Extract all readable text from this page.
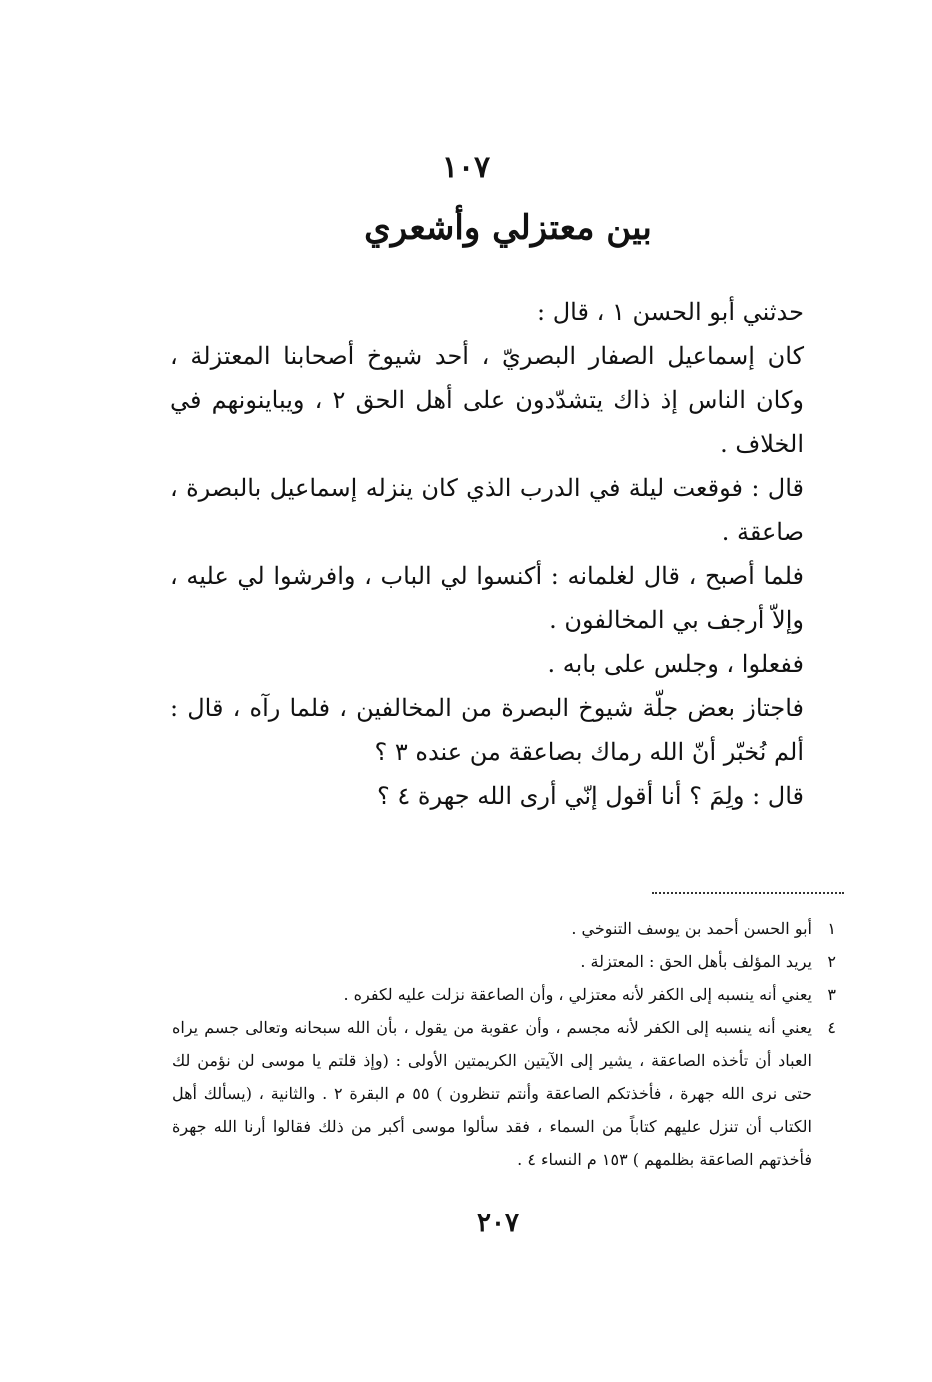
١٠٧
بين معتزلي وأشعري

حدثني أبو الحسن ١ ، قال :

كان إسماعيل الصفار البصريّ ، أحد شيوخ أصحابنا المعتزلة ، وكان الناس إذ ذاك يتشدّدون على أهل الحق ٢ ، ويباينونهم في الخلاف .

قال : فوقعت ليلة في الدرب الذي كان ينزله إسماعيل بالبصرة ، صاعقة .

فلما أصبح ، قال لغلمانه : أكنسوا لي الباب ، وافرشوا لي عليه ، وإلاّ أرجف بي المخالفون .

ففعلوا ، وجلس على بابه .

فاجتاز بعض جلّة شيوخ البصرة من المخالفين ، فلما رآه ، قال : ألم نُخبّر أنّ الله رماك بصاعقة من عنده ٣ ؟

قال : ولِمَ ؟ أنا أقول إنّي أرى الله جهرة ٤ ؟

١
أبو الحسن أحمد بن يوسف التنوخي .

٢
يريد المؤلف بأهل الحق : المعتزلة .

٣
يعني أنه ينسبه إلى الكفر لأنه معتزلي ، وأن الصاعقة نزلت عليه لكفره .

٤
يعني أنه ينسبه إلى الكفر لأنه مجسم ، وأن عقوبة من يقول ، بأن الله سبحانه وتعالى جسم يراه العباد أن تأخذه الصاعقة ، يشير إلى الآيتين الكريمتين الأولى : (وإذ قلتم يا موسى لن نؤمن لك حتى نرى الله جهرة ، فأخذتكم الصاعقة وأنتم تنظرون ) ٥٥ م البقرة ٢ . والثانية ، (يسألك أهل الكتاب أن تنزل عليهم كتاباً من السماء ، فقد سألوا موسى أكبر من ذلك فقالوا أرنا الله جهرة فأخذتهم الصاعقة بظلمهم ) ١٥٣ م النساء ٤ .

٢٠٧
